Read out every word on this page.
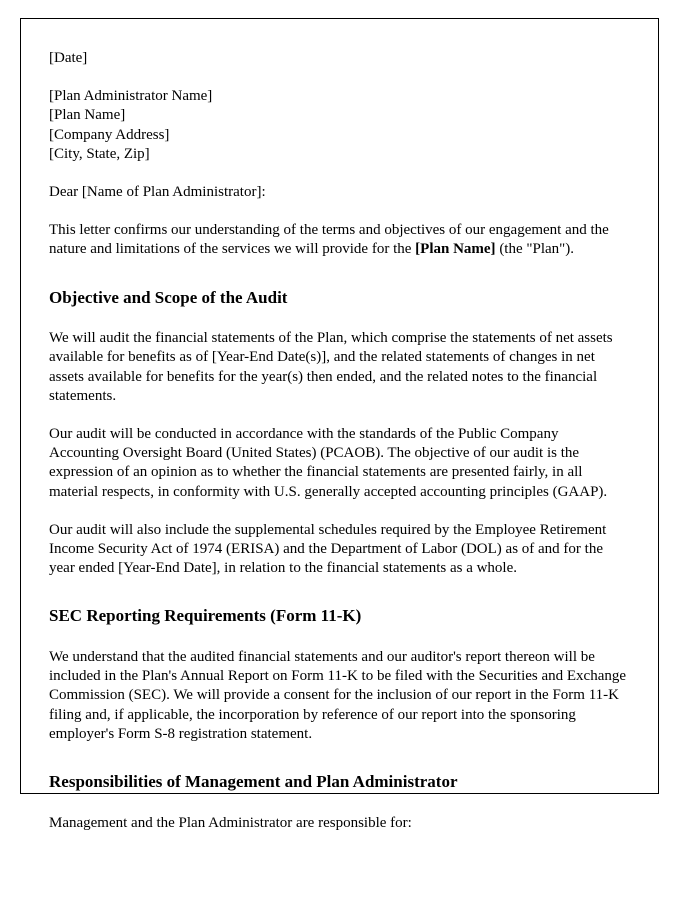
[Date]

[Plan Administrator Name]

[Plan Name]

[Company Address]

[City, State, Zip]

Dear [Name of Plan Administrator]:

This letter confirms our understanding of the terms and objectives of our engagement and the nature and limitations of the services we will provide for the [Plan Name] (the "Plan").

Objective and Scope of the Audit

We will audit the financial statements of the Plan, which comprise the statements of net assets available for benefits as of [Year-End Date(s)], and the related statements of changes in net assets available for benefits for the year(s) then ended, and the related notes to the financial statements.

Our audit will be conducted in accordance with the standards of the Public Company Accounting Oversight Board (United States) (PCAOB). The objective of our audit is the expression of an opinion as to whether the financial statements are presented fairly, in all material respects, in conformity with U.S. generally accepted accounting principles (GAAP).

Our audit will also include the supplemental schedules required by the Employee Retirement Income Security Act of 1974 (ERISA) and the Department of Labor (DOL) as of and for the year ended [Year-End Date], in relation to the financial statements as a whole.

SEC Reporting Requirements (Form 11-K)

We understand that the audited financial statements and our auditor's report thereon will be included in the Plan's Annual Report on Form 11-K to be filed with the Securities and Exchange Commission (SEC). We will provide a consent for the inclusion of our report in the Form 11-K filing and, if applicable, the incorporation by reference of our report into the sponsoring employer's Form S-8 registration statement.

Responsibilities of Management and Plan Administrator

Management and the Plan Administrator are responsible for:
